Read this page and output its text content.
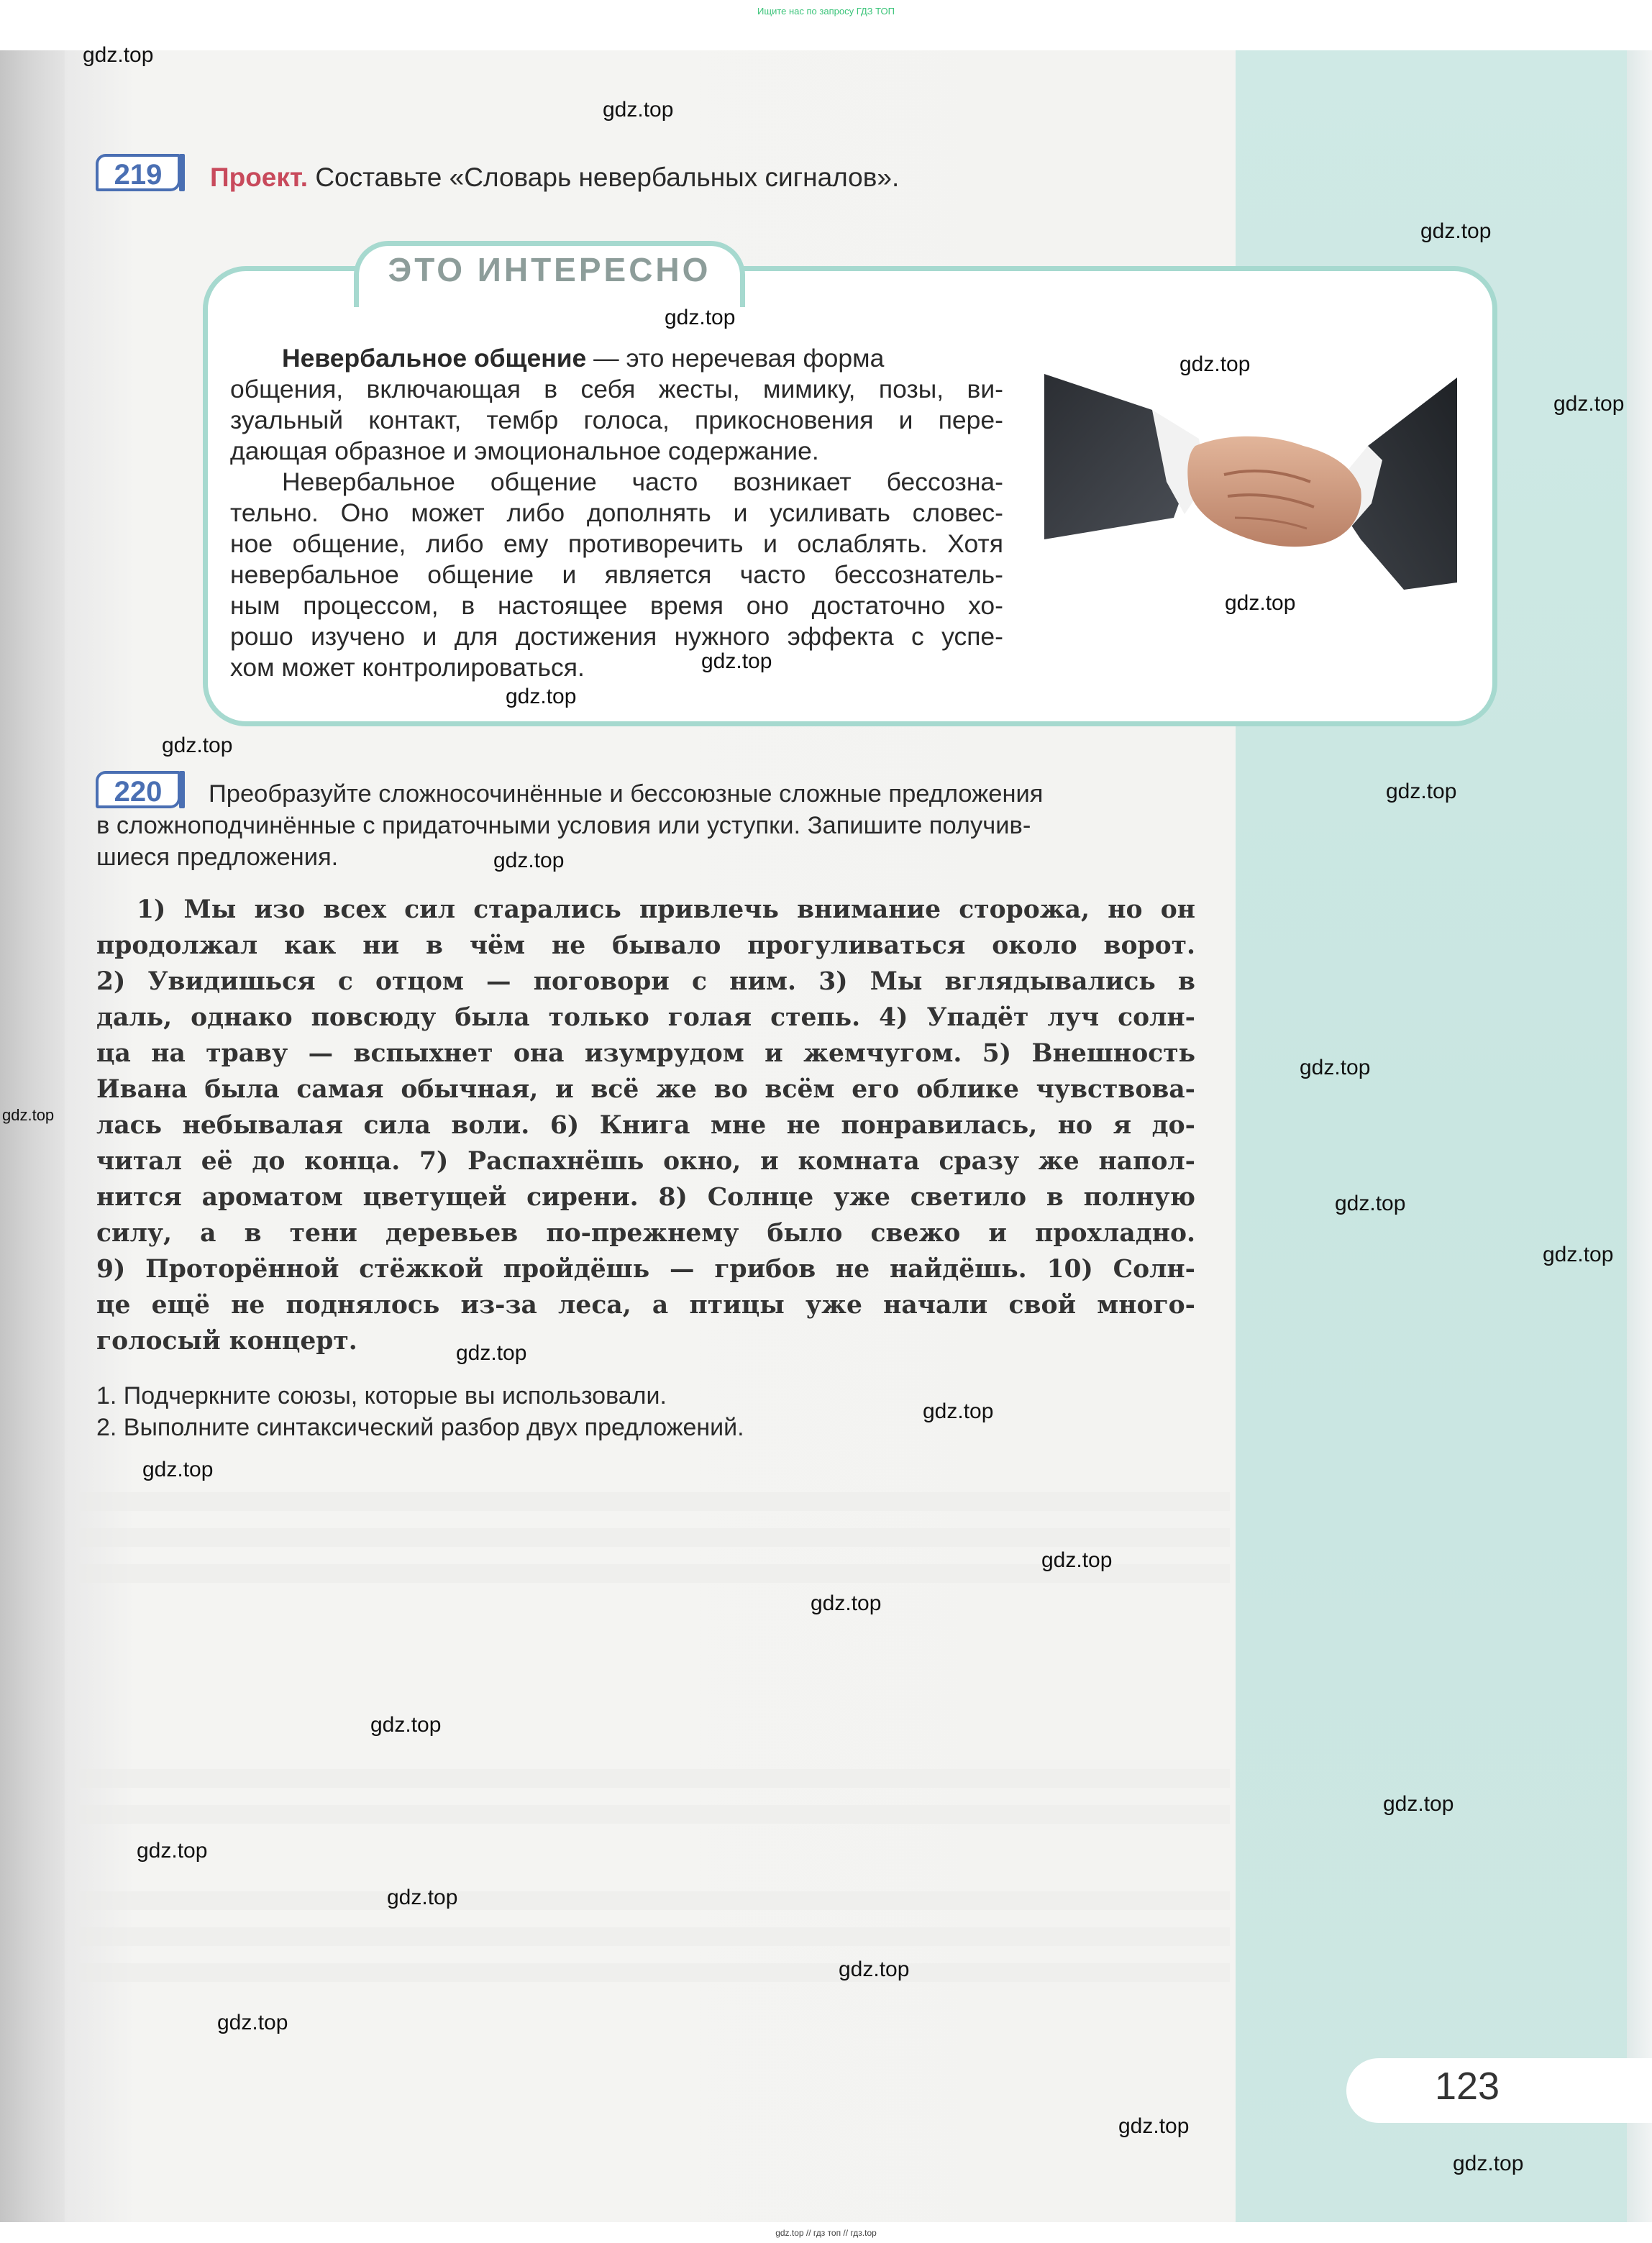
Ищите нас по запросу ГДЗ ТОП
219	Проект. Составьте «Словарь невербальных сигналов».
ЭТО ИНТЕРЕСНО
Невербальное общение — это неречевая форма
общения, включающая в себя жесты, мимику, позы, ви-
зуальный контакт, тембр голоса, прикосновения и пере-
дающая образное и эмоциональное содержание.
Невербальное общение часто возникает бессозна-
тельно. Оно может либо дополнять и усиливать словес-
ное общение, либо ему противоречить и ослаблять. Хотя
невербальное общение и является часто бессознатель-
ным процессом, в настоящее время оно достаточно хо-
рошо изучено и для достижения нужного эффекта с успе-
хом может контролироваться.
220	Преобразуйте сложносочинённые и бессоюзные сложные предложения
в сложноподчинённые с придаточными условия или уступки. Запишите получив-
шиеся предложения.
1) Мы изо всех сил старались привлечь внимание сторожа, но он
продолжал как ни в чём не бывало прогуливаться около ворот.
2) Увидишься с отцом — поговори с ним. 3) Мы вглядывались в
даль, однако повсюду была только голая степь. 4) Упадёт луч солн-
ца на траву — вспыхнет она изумрудом и жемчугом. 5) Внешность
Ивана была самая обычная, и всё же во всём его облике чувствова-
лась небывалая сила воли. 6) Книга мне не понравилась, но я до-
читал её до конца. 7) Распахнёшь окно, и комната сразу же напол-
нится ароматом цветущей сирени. 8) Солнце уже светило в полную
силу, а в тени деревьев по-прежнему было свежо и прохладно.
9) Проторённой стёжкой пройдёшь — грибов не найдёшь. 10) Солн-
це ещё не поднялось из-за леса, а птицы уже начали свой много-
голосый концерт.
1. Подчеркните союзы, которые вы использовали.
2. Выполните синтаксический разбор двух предложений.
123
gdz.top
gdz.top
gdz.top
gdz.top
gdz.top
gdz.top
gdz.top
gdz.top
gdz.top
gdz.top
gdz.top
gdz.top
gdz.top
gdz.top
gdz.top
gdz.top
gdz.top
gdz.top
gdz.top
gdz.top
gdz.top
gdz.top
gdz.top
gdz.top
gdz.top
gdz.top
gdz.top
gdz.top
gdz.top
gdz.top // гдз топ // гдз.top
